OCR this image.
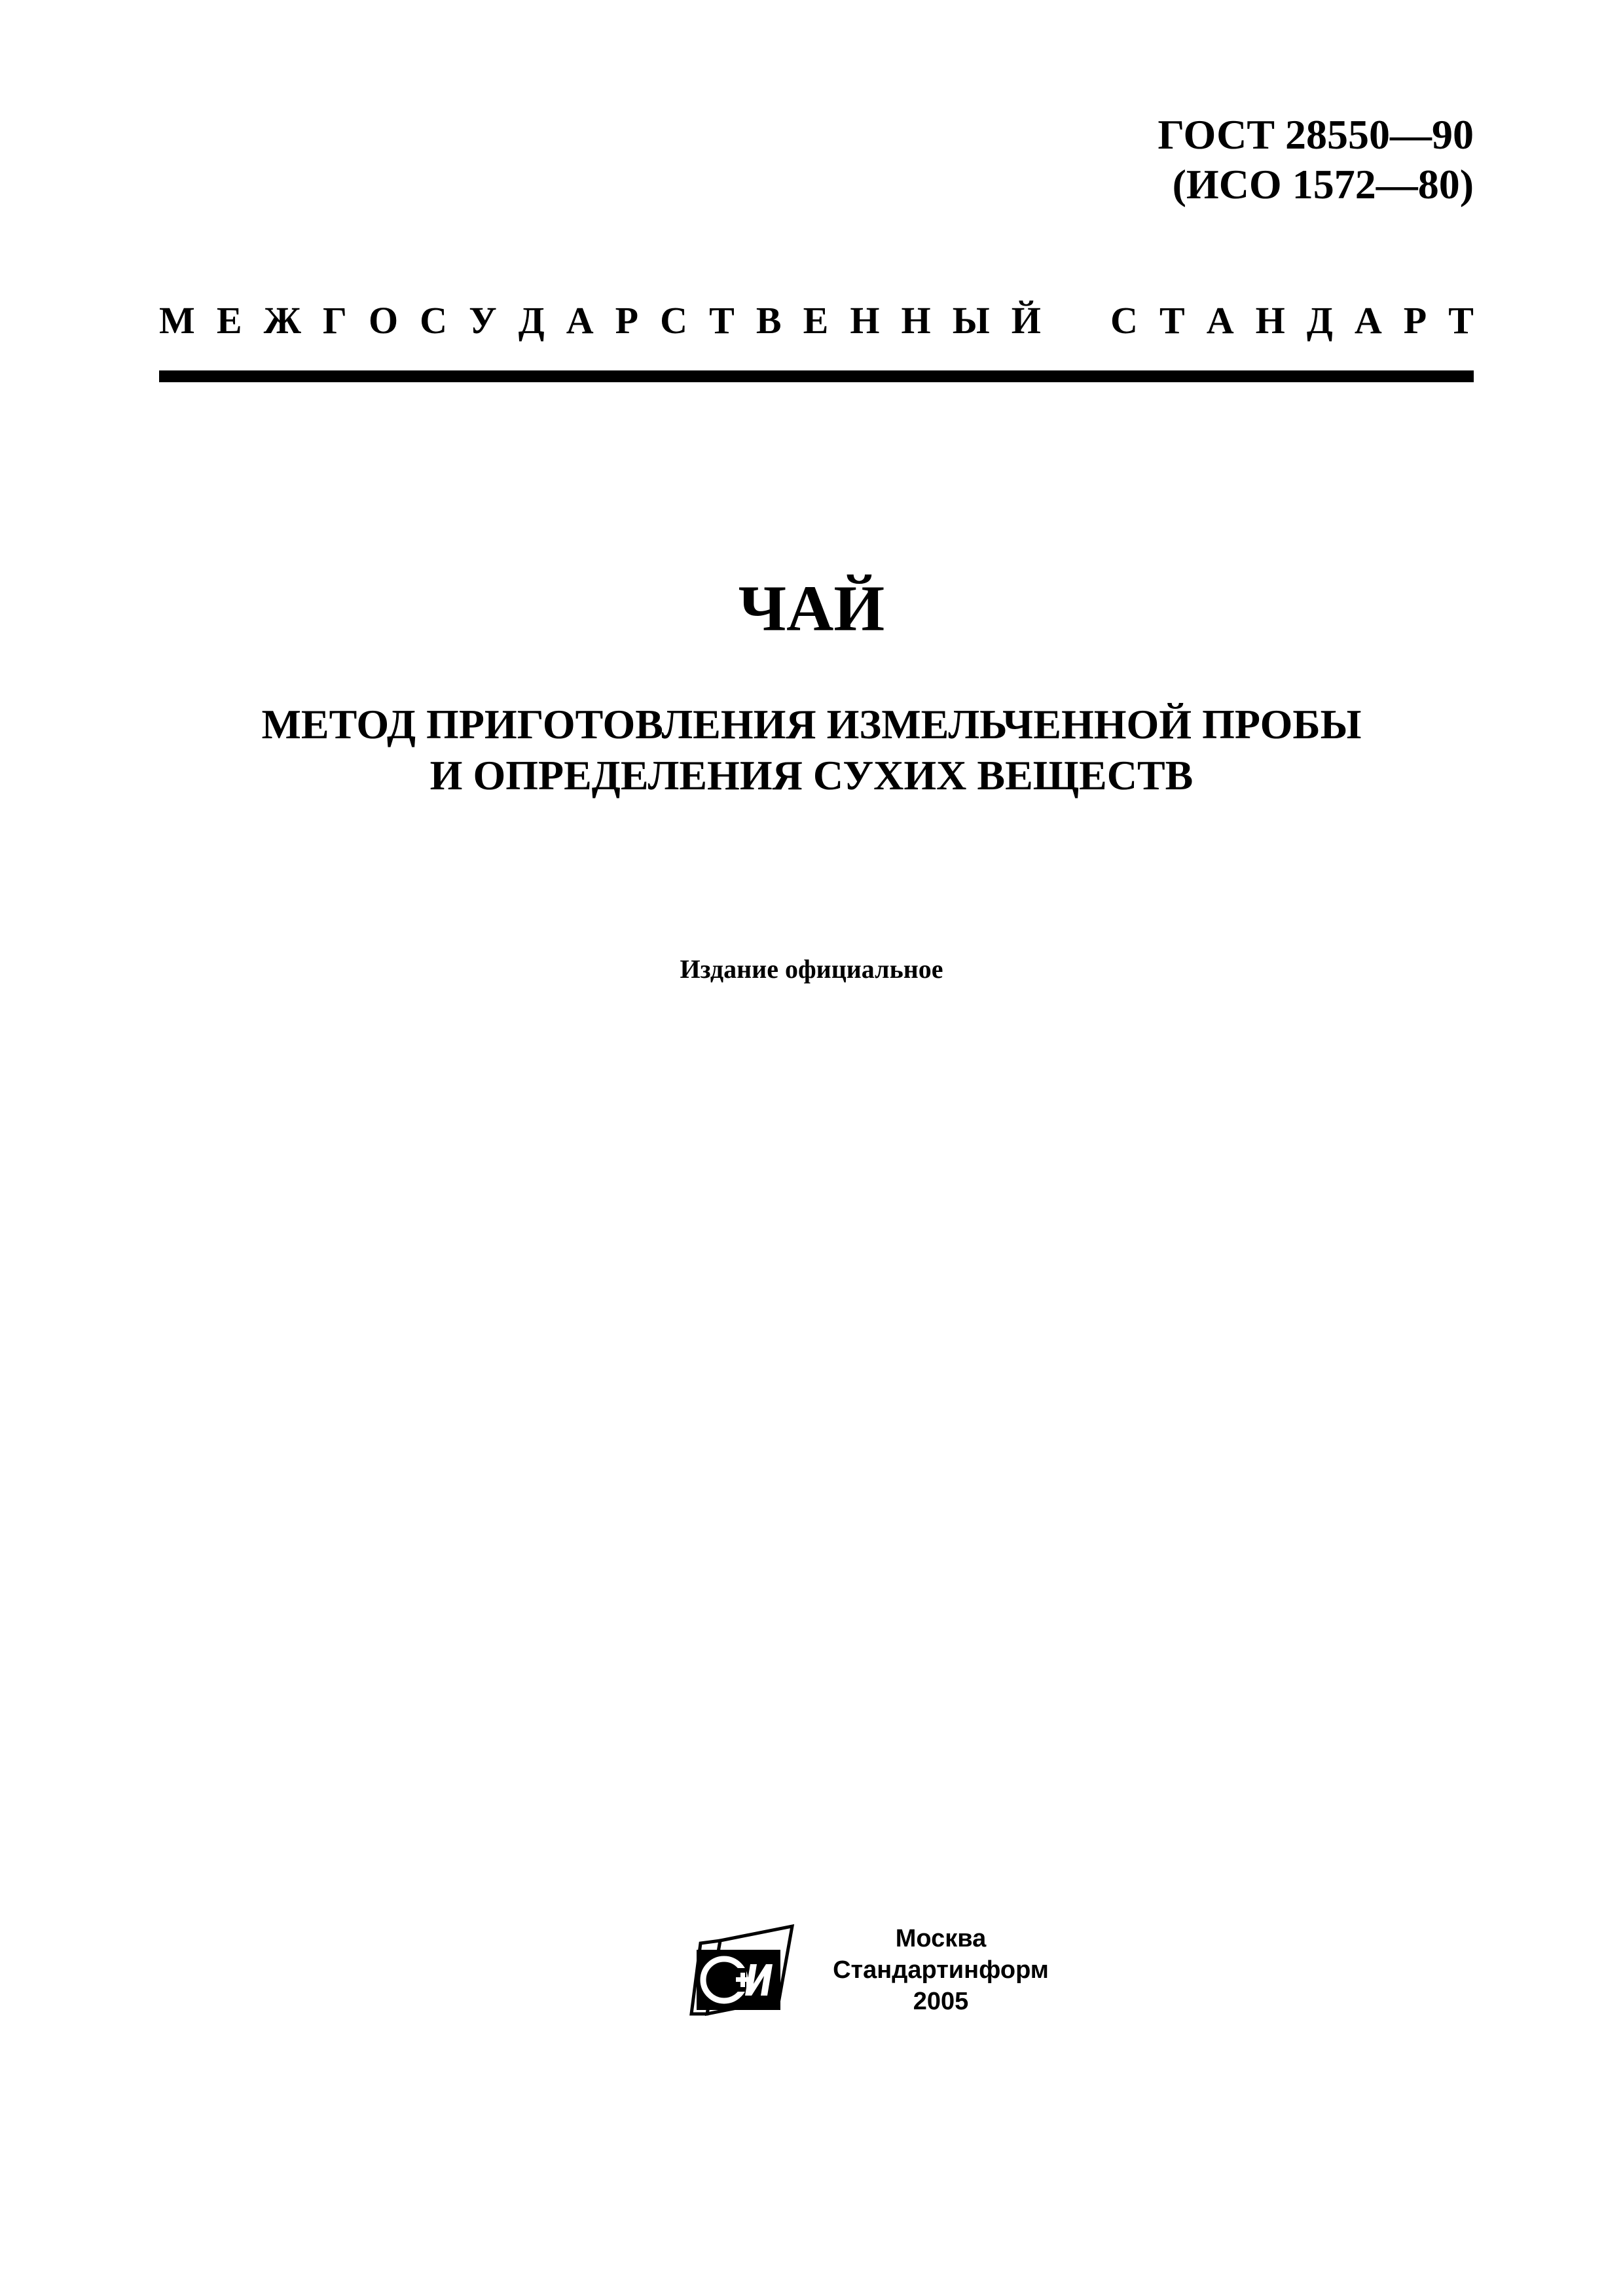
ГОСТ 28550—90
(ИСО 1572—80)
М Е Ж Г О С У Д А Р С Т В Е Н Н Ы Й С Т А Н Д А Р Т
ЧАЙ
МЕТОД ПРИГОТОВЛЕНИЯ ИЗМЕЛЬЧЕННОЙ ПРОБЫ
И ОПРЕДЕЛЕНИЯ СУХИХ ВЕЩЕСТВ
Издание официальное
Москва
Стандартинформ
2005
